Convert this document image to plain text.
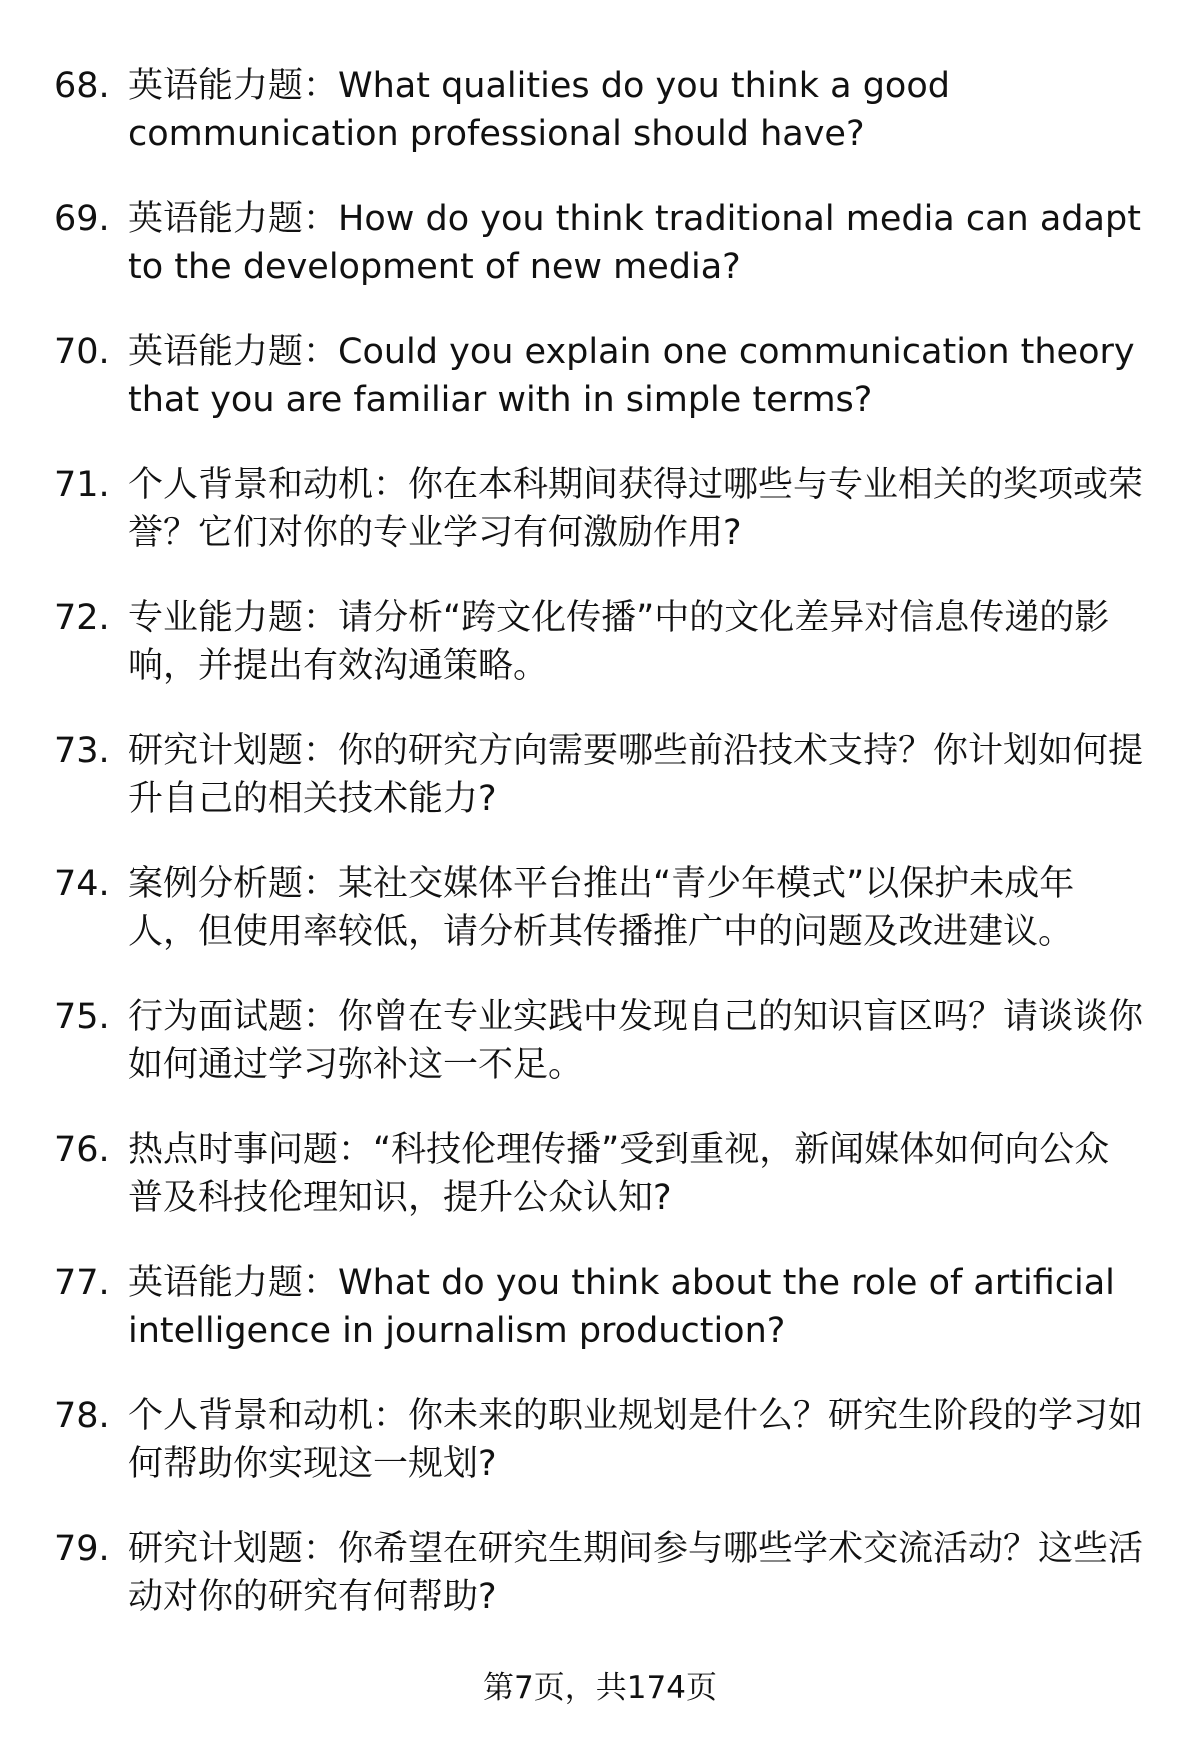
68. 英语能力题：What qualities do you think a good communication professional should have?
69. 英语能力题：How do you think traditional media can adapt to the development of new media?
70. 英语能力题：Could you explain one communication theory that you are familiar with in simple terms?
71. 个人背景和动机：你在本科期间获得过哪些与专业相关的奖项或荣誉？它们对你的专业学习有何激励作用?
72. 专业能力题：请分析“跨文化传播”中的文化差异对信息传递的影响，并提出有效沟通策略。
73. 研究计划题：你的研究方向需要哪些前沿技术支持？你计划如何提升自己的相关技术能力?
74. 案例分析题：某社交媒体平台推出“青少年模式”以保护未成年人，但使用率较低，请分析其传播推广中的问题及改进建议。
75. 行为面试题：你曾在专业实践中发现自己的知识盲区吗？请谈谈你如何通过学习弥补这一不足。
76. 热点时事问题：“科技伦理传播”受到重视，新闻媒体如何向公众普及科技伦理知识，提升公众认知?
77. 英语能力题：What do you think about the role of artificial intelligence in journalism production?
78. 个人背景和动机：你未来的职业规划是什么？研究生阶段的学习如何帮助你实现这一规划?
79. 研究计划题：你希望在研究生期间参与哪些学术交流活动？这些活动对你的研究有何帮助?
第7页，共174页
